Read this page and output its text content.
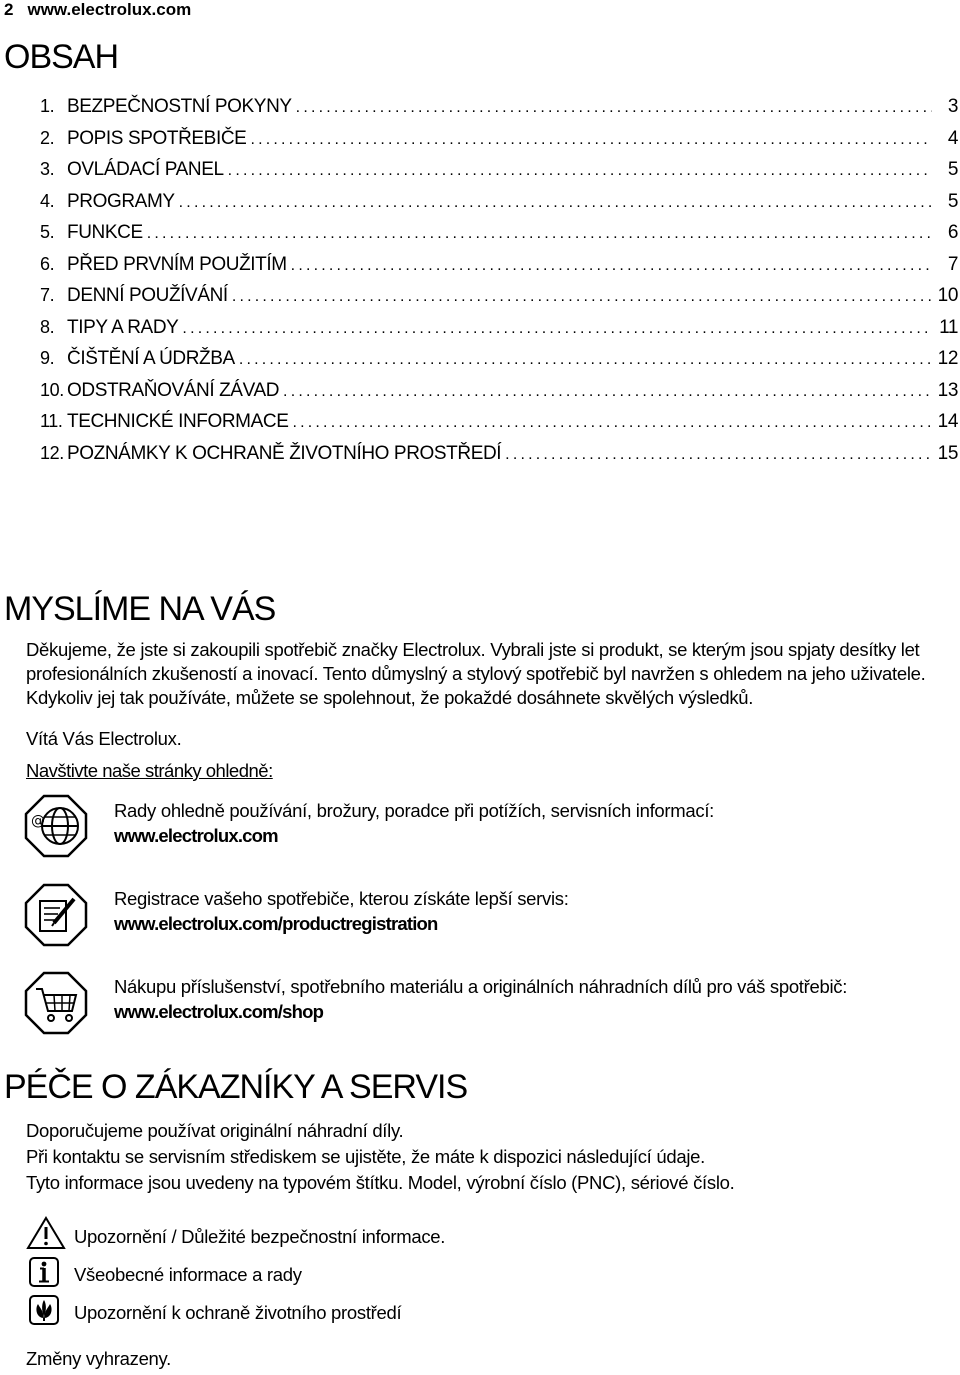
2 www.electrolux.com
OBSAH
1. BEZPEČNOSTNÍ POKYNY .....	3
2. POPIS SPOTŘEBIČE .....	4
3. OVLÁDACÍ PANEL .....	5
4. PROGRAMY .....	5
5. FUNKCE .....	6
6. PŘED PRVNÍM POUŽITÍM .....	7
7. DENNÍ POUŽÍVÁNÍ .....	10
8. TIPY A RADY .....	11
9. ČIŠTĚNÍ A ÚDRŽBA .....	12
10. ODSTRAŇOVÁNÍ ZÁVAD .....	13
11. TECHNICKÉ INFORMACE .....	14
12. POZNÁMKY K OCHRANĚ ŽIVOTNÍHO PROSTŘEDÍ .....	15
MYSLÍME NA VÁS

Děkujeme, že jste si zakoupili spotřebič značky Electrolux. Vybrali jste si produkt, se kterým jsou spjaty desítky let profesionálních zkušeností a inovací. Tento důmyslný a stylový spotřebič byl navržen s ohledem na jeho uživatele. Kdykoliv jej tak používáte, můžete se spolehnout, že pokaždé dosáhnete skvělých výsledků.

Vítá Vás Electrolux.
Navštivte naše stránky ohledně:
@	Rady ohledně používání, brožury, poradce při potížích, servisních informací:
www.electrolux.com
Registrace vašeho spotřebiče, kterou získáte lepší servis:
www.electrolux.com/productregistration
Nákupu příslušenství, spotřebního materiálu a originálních náhradních dílů pro váš spotřebič:
www.electrolux.com/shop
PÉČE O ZÁKAZNÍKY A SERVIS
Doporučujeme používat originální náhradní díly.
Při kontaktu se servisním střediskem se ujistěte, že máte k dispozici následující údaje.
Tyto informace jsou uvedeny na typovém štítku. Model, výrobní číslo (PNC), sériové číslo.
Upozornění / Důležité bezpečnostní informace.
Všeobecné informace a rady
Upozornění k ochraně životního prostředí
Změny vyhrazeny.
